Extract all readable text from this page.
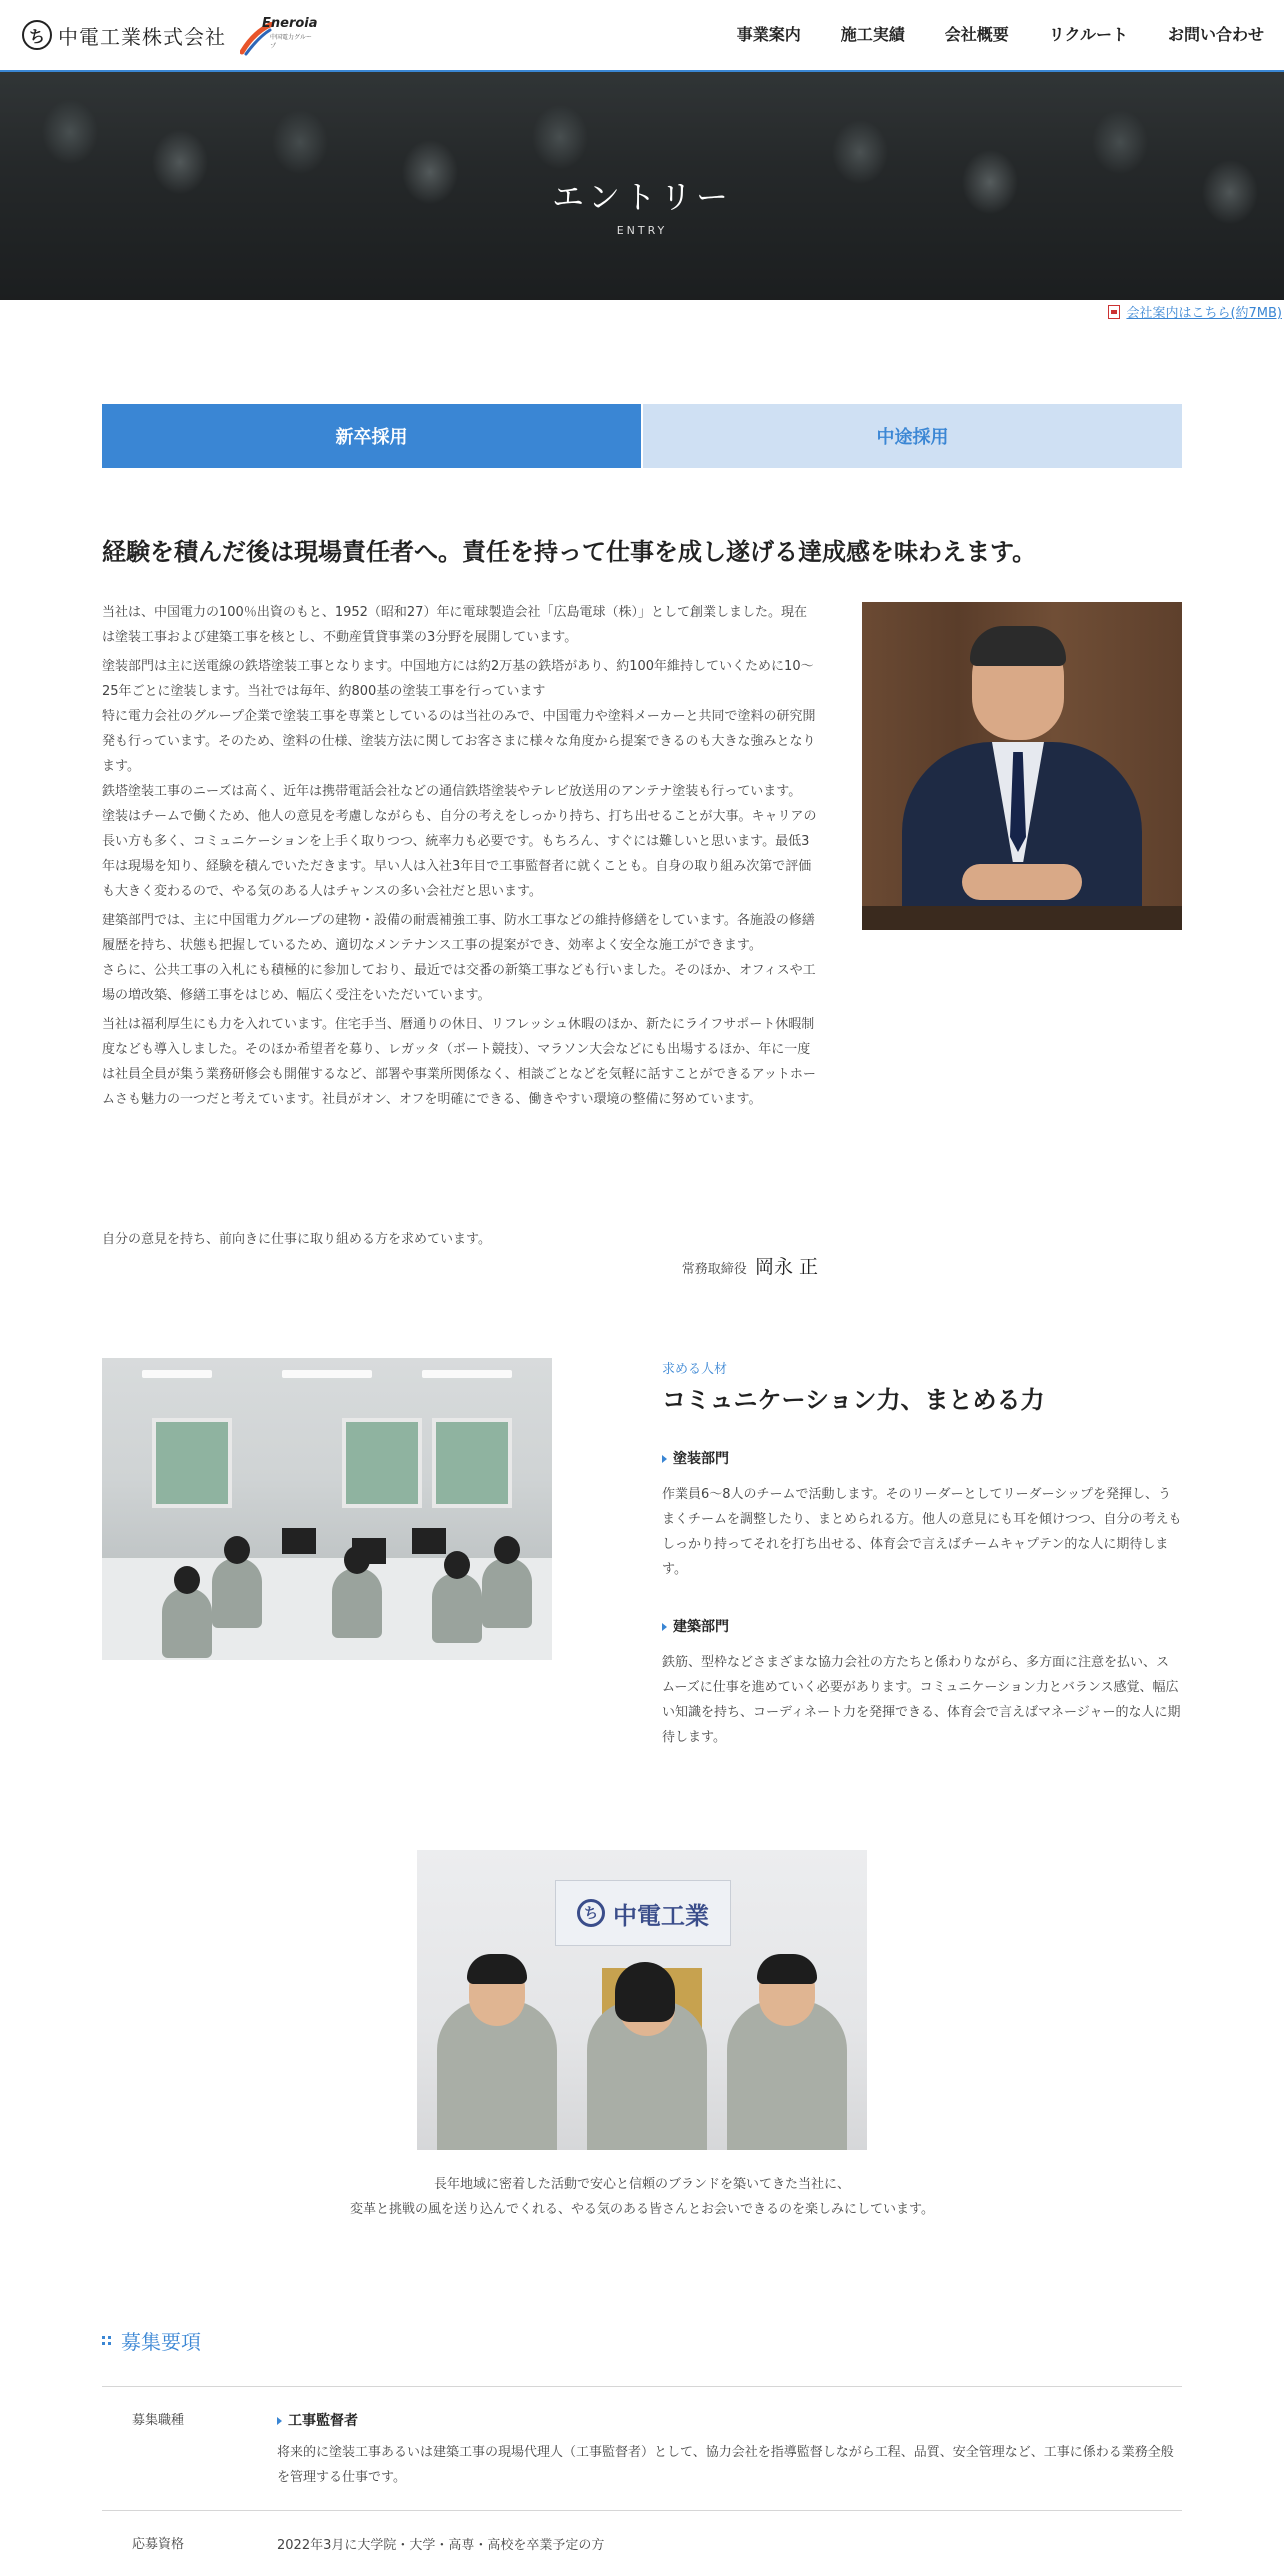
ち 中電工業株式会社
Eneroia
中国電力グループ
事業案内	施工実績	会社概要	リクルート	お問い合わせ
エントリー
ENTRY
会社案内はこちら(約7MB)
新卒採用	中途採用
経験を積んだ後は現場責任者へ。責任を持って仕事を成し遂げる達成感を味わえます。

当社は、中国電力の100％出資のもと、1952（昭和27）年に電球製造会社「広島電球（株）」として創業しました。現在は塗装工事および建築工事を核とし、不動産賃貸事業の3分野を展開しています。

塗装部門は主に送電線の鉄塔塗装工事となります。中国地方には約2万基の鉄塔があり、約100年維持していくために10～25年ごとに塗装します。当社では毎年、約800基の塗装工事を行っています
特に電力会社のグループ企業で塗装工事を専業としているのは当社のみで、中国電力や塗料メーカーと共同で塗料の研究開発も行っています。そのため、塗料の仕様、塗装方法に関してお客さまに様々な角度から提案できるのも大きな強みとなります。
鉄塔塗装工事のニーズは高く、近年は携帯電話会社などの通信鉄塔塗装やテレビ放送用のアンテナ塗装も行っています。
塗装はチームで働くため、他人の意見を考慮しながらも、自分の考えをしっかり持ち、打ち出せることが大事。キャリアの長い方も多く、コミュニケーションを上手く取りつつ、統率力も必要です。もちろん、すぐには難しいと思います。最低3年は現場を知り、経験を積んでいただきます。早い人は入社3年目で工事監督者に就くことも。自身の取り組み次第で評価も大きく変わるので、やる気のある人はチャンスの多い会社だと思います。

建築部門では、主に中国電力グループの建物・設備の耐震補強工事、防水工事などの維持修繕をしています。各施設の修繕履歴を持ち、状態も把握しているため、適切なメンテナンス工事の提案ができ、効率よく安全な施工ができます。
さらに、公共工事の入札にも積極的に参加しており、最近では交番の新築工事なども行いました。そのほか、オフィスや工場の増改築、修繕工事をはじめ、幅広く受注をいただいています。

当社は福利厚生にも力を入れています。住宅手当、暦通りの休日、リフレッシュ休暇のほか、新たにライフサポート休暇制度なども導入しました。そのほか希望者を募り、レガッタ（ボート競技）、マラソン大会などにも出場するほか、年に一度は社員全員が集う業務研修会も開催するなど、部署や事業所関係なく、相談ごとなどを気軽に話すことができるアットホームさも魅力の一つだと考えています。社員がオン、オフを明確にできる、働きやすい環境の整備に努めています。

自分の意見を持ち、前向きに仕事に取り組める方を求めています。
常務取締役 岡永 正
求める人材
コミュニケーション力、まとめる力
塗装部門
作業員6～8人のチームで活動します。そのリーダーとしてリーダーシップを発揮し、うまくチームを調整したり、まとめられる方。他人の意見にも耳を傾けつつ、自分の考えもしっかり持ってそれを打ち出せる、体育会で言えばチームキャプテン的な人に期待します。
建築部門
鉄筋、型枠などさまざまな協力会社の方たちと係わりながら、多方面に注意を払い、スムーズに仕事を進めていく必要があります。コミュニケーション力とバランス感覚、幅広い知識を持ち、コーディネート力を発揮できる、体育会で言えばマネージャー的な人に期待します。
ち 中電工業
長年地域に密着した活動で安心と信頼のブランドを築いてきた当社に、
変革と挑戦の風を送り込んでくれる、やる気のある皆さんとお会いできるのを楽しみにしています。
募集要項
募集職種	工事監督者
将来的に塗装工事あるいは建築工事の現場代理人（工事監督者）として、協力会社を指導監督しながら工程、品質、安全管理など、工事に係わる業務全般を管理する仕事です。
応募資格	2022年3月に大学院・大学・高専・高校を卒業予定の方
